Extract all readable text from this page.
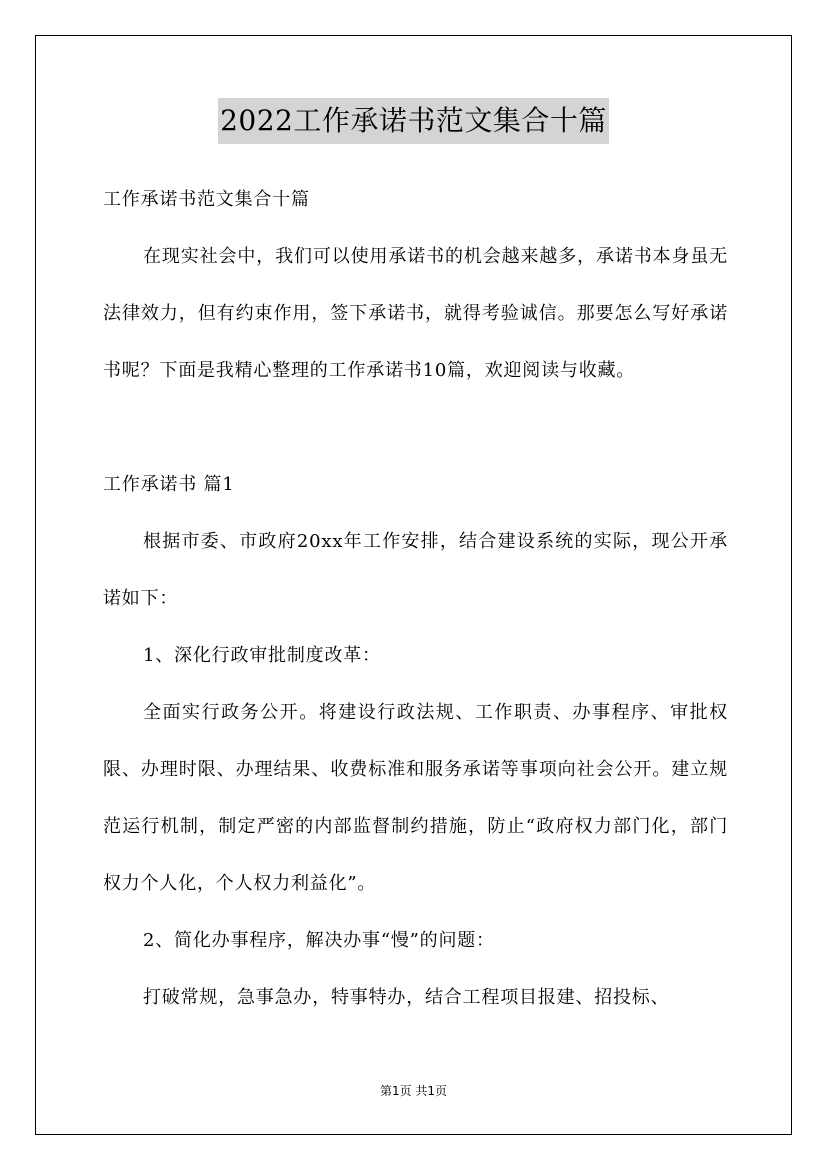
2022工作承诺书范文集合十篇

工作承诺书范文集合十篇

在现实社会中，我们可以使用承诺书的机会越来越多，承诺书本身虽无法律效力，但有约束作用，签下承诺书，就得考验诚信。那要怎么写好承诺书呢？下面是我精心整理的工作承诺书10篇，欢迎阅读与收藏。

工作承诺书 篇1

根据市委、市政府20xx年工作安排，结合建设系统的实际，现公开承诺如下：

1、深化行政审批制度改革：

全面实行政务公开。将建设行政法规、工作职责、办事程序、审批权限、办理时限、办理结果、收费标准和服务承诺等事项向社会公开。建立规范运行机制，制定严密的内部监督制约措施，防止“政府权力部门化，部门权力个人化，个人权力利益化”。

2、简化办事程序，解决办事“慢”的问题：

打破常规，急事急办，特事特办，结合工程项目报建、招投标、

第1页 共1页
